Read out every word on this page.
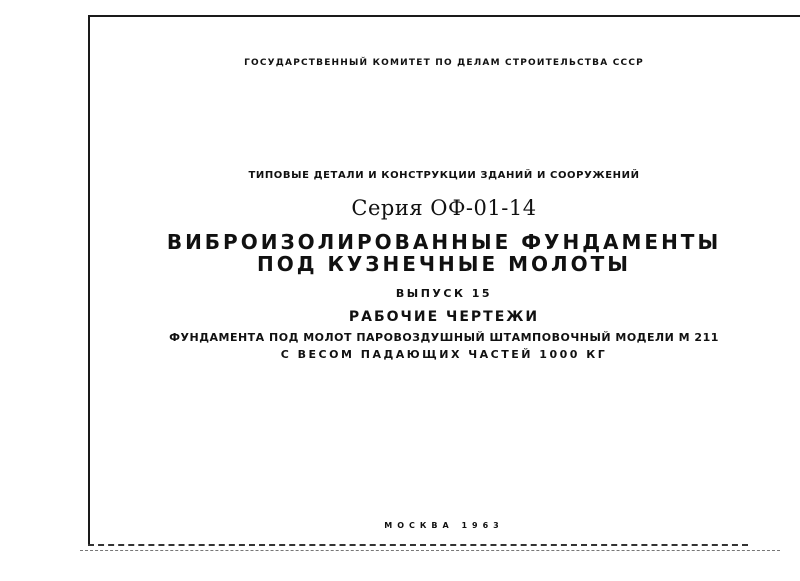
ГОСУДАРСТВЕННЫЙ КОМИТЕТ ПО ДЕЛАМ СТРОИТЕЛЬСТВА СССР
ТИПОВЫЕ ДЕТАЛИ И КОНСТРУКЦИИ ЗДАНИЙ И СООРУЖЕНИЙ
Серия ОФ-01-14
ВИБРОИЗОЛИРОВАННЫЕ ФУНДАМЕНТЫ
ПОД КУЗНЕЧНЫЕ МОЛОТЫ
ВЫПУСК 15
РАБОЧИЕ ЧЕРТЕЖИ
ФУНДАМЕНТА ПОД МОЛОТ ПАРОВОЗДУШНЫЙ ШТАМПОВОЧНЫЙ МОДЕЛИ М 211
С ВЕСОМ ПАДАЮЩИХ ЧАСТЕЙ 1000 КГ
МОСКВА 1963
